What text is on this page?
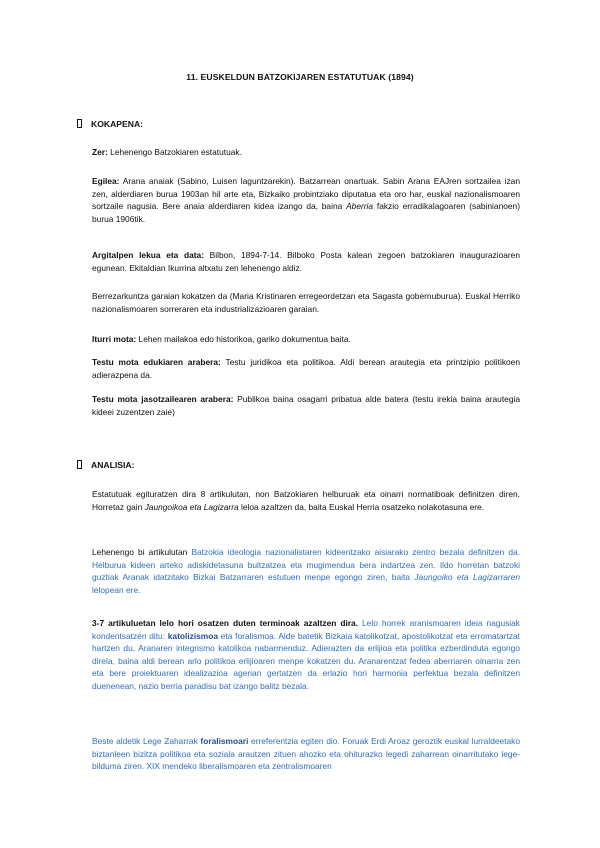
11. EUSKELDUN BATZOKIJAREN ESTATUTUAK (1894)
KOKAPENA:
Zer: Lehenengo Batzokiaren estatutuak.
Egilea: Arana anaiak (Sabino, Luisen laguntzarekin). Batzarrean onartuak. Sabin Arana EAJren sortzailea izan zen, alderdiaren burua 1903an hil arte eta, Bizkaiko probintziako diputatua eta oro har, euskal nazionalismoaren sortzaile nagusia. Bere anaia alderdiaren kidea izango da, baina Aberria fakzio erradikalagoaren (sabinianoen) burua 1906tik.
Argitalpen lekua eta data: Bilbon, 1894-7-14. Bilboko Posta kalean zegoen batzokiaren inaugurazioaren egunean. Ekitaldian Ikurrina altxatu zen lehenengo aldiz.
Berrezarkuntza garaian kokatzen da (Maria Kristinaren erregeordetzan eta Sagasta gobernuburua). Euskal Herriko nazionalismoaren sorreraren eta industrializazioaren garaian.
Iturri mota: Lehen mailakoa edo historikoa, gariko dokumentua baita.
Testu mota edukiaren arabera: Testu juridikoa eta politikoa. Aldi berean arautegia eta printzipio politikoen adierazpena da.
Testu mota jasotzailearen arabera: Publikoa baina osagarri pribatua alde batera (testu irekia baina arautegia kideei zuzentzen zaie)
ANALISIA:
Estatutuak egituratzen dira 8 artikulutan, non Batzokiaren helburuak eta oinarri normatiboak definitzen diren. Horretaz gain Jaungoikoa eta Lagizarra leloa azaltzen da, baita Euskal Herria osatzeko nolakotasuna ere.
Lehenengo bi artikulutan Batzokia ideologia nazionalistaren kideentzako aisiarako zentro bezala definitzen da. Helburua kideen arteko adiskidetasuna bultzatzea eta mugimendua bera indartzea zen. Ildo horretan batzoki guztiak Aranak idatzitako Bizkai Batzarraren estutuen menpe egongo ziren, baita Jaungoiko eta Lagizarraren lelopean ere.
3-7 artikuluetan lelo hori osatzen duten terminoak azaltzen dira. Lelo horrek aranismoaren ideia nagusiak kondentsatzen ditu: katolizismoa eta foralismoa. Alde batetik Bizkaia katolikotzat, apostolikotzat eta erromatartzat hartzen du, Aranaren integrismo katolikoa nabarmenduz. Adierazten da erlijioa eta politika ezberdinduta egongo direla, baina aldi berean arlo politikoa erlijioaren menpe kokatzen du. Aranarentzat fedea aberriaren oinarria zen eta bere proiektuaren idealizazioa agerian gertatzen da erlazio hori harmonia perfektua bezala definitzen duenenean, nazio berria paradisu bat izango balitz bezala.
Beste aldetik Lege Zaharrak foralismoari erreferentzia egiten dio. Foruak Erdi Aroaz geroztik euskal lurraldeetako biztanleen bizitza politikoa eta soziala arautzen zituen ahozko eta ohiturazko legedi zaharrean oinarritutako lege-bilduma ziren. XIX mendeko liberalismoaren eta zentralismoaren
